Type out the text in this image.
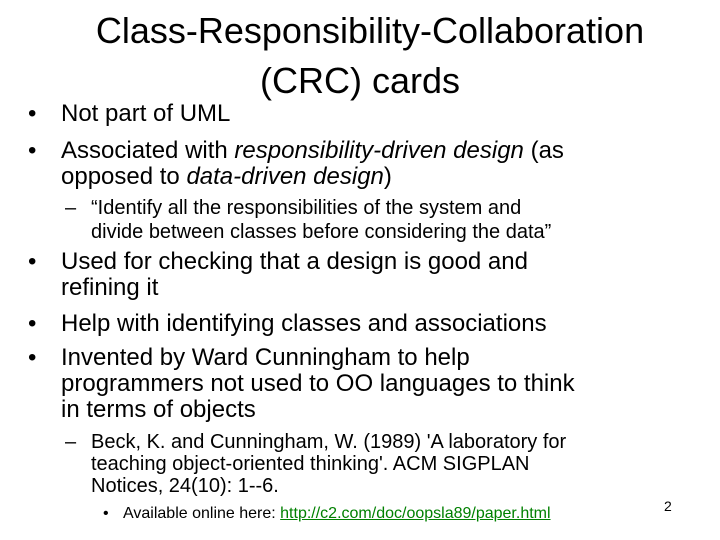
Class-Responsibility-Collaboration
(CRC) cards
• Not part of UML
• Associated with responsibility-driven design (as
opposed to data-driven design)
– “Identify all the responsibilities of the system and
divide between classes before considering the data”
• Used for checking that a design is good and
refining it
• Help with identifying classes and associations
• Invented by Ward Cunningham to help
programmers not used to OO languages to think
in terms of objects
– Beck, K. and Cunningham, W. (1989) 'A laboratory for
teaching object-oriented thinking'. ACM SIGPLAN
Notices, 24(10): 1--6.
• Available online here: http://c2.com/doc/oopsla89/paper.html	2
